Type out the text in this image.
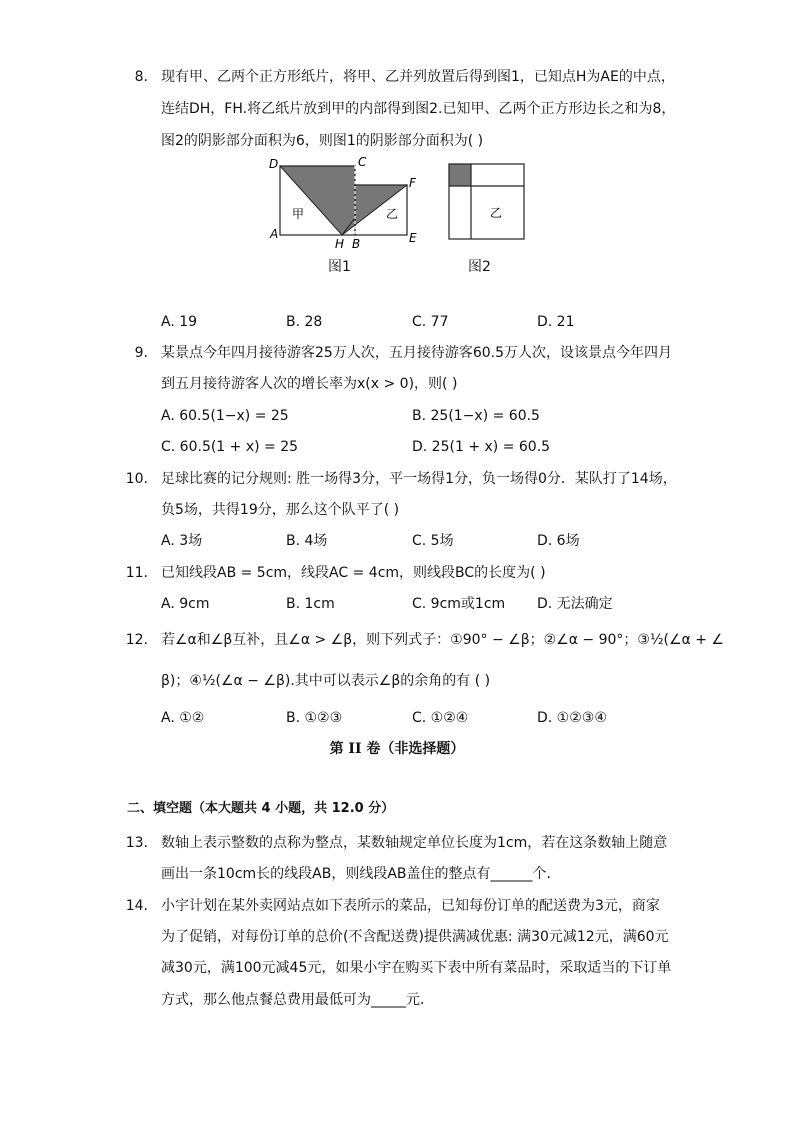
8. 现有甲、乙两个正方形纸片，将甲、乙并列放置后得到图1，已知点H为AE的中点，
连结DH，FH.将乙纸片放到甲的内部得到图2.已知甲、乙两个正方形边长之和为8，
图2的阴影部分面积为6，则图1的阴影部分面积为( )
D	C
F
A
H B	E
甲	乙
图1
乙
图2
A. 19	B. 28	C. 77	D. 21
9. 某景点今年四月接待游客25万人次，五月接待游客60.5万人次，设该景点今年四月
到五月接待游客人次的增长率为x(x > 0)，则( )
A. 60.5(1−x) = 25	B. 25(1−x) = 60.5
C. 60.5(1 + x) = 25	D. 25(1 + x) = 60.5
10. 足球比赛的记分规则: 胜一场得3分，平一场得1分，负一场得0分．某队打了14场，
负5场，共得19分，那么这个队平了( )
A. 3场	B. 4场	C. 5场	D. 6场
11. 已知线段AB = 5cm，线段AC = 4cm，则线段BC的长度为( )
A. 9cm	B. 1cm	C. 9cm或1cm D. 无法确定
12. 若∠α和∠β互补，且∠α > ∠β，则下列式子：①90° − ∠β；②∠α − 90°；③½(∠α + ∠
β)；④½(∠α − ∠β).其中可以表示∠β的余角的有 ( )
A. ①②	B. ①②③	C. ①②④	D. ①②③④
第 II 卷（非选择题）
二、填空题（本大题共 4 小题，共 12.0 分）
13. 数轴上表示整数的点称为整点，某数轴规定单位长度为1cm，若在这条数轴上随意
画出一条10cm长的线段AB，则线段AB盖住的整点有______个．
14. 小宇计划在某外卖网站点如下表所示的菜品，已知每份订单的配送费为3元，商家
为了促销，对每份订单的总价(不含配送费)提供满减优惠: 满30元减12元，满60元
减30元，满100元减45元，如果小宇在购买下表中所有菜品时，采取适当的下订单
方式，那么他点餐总费用最低可为_____元．
